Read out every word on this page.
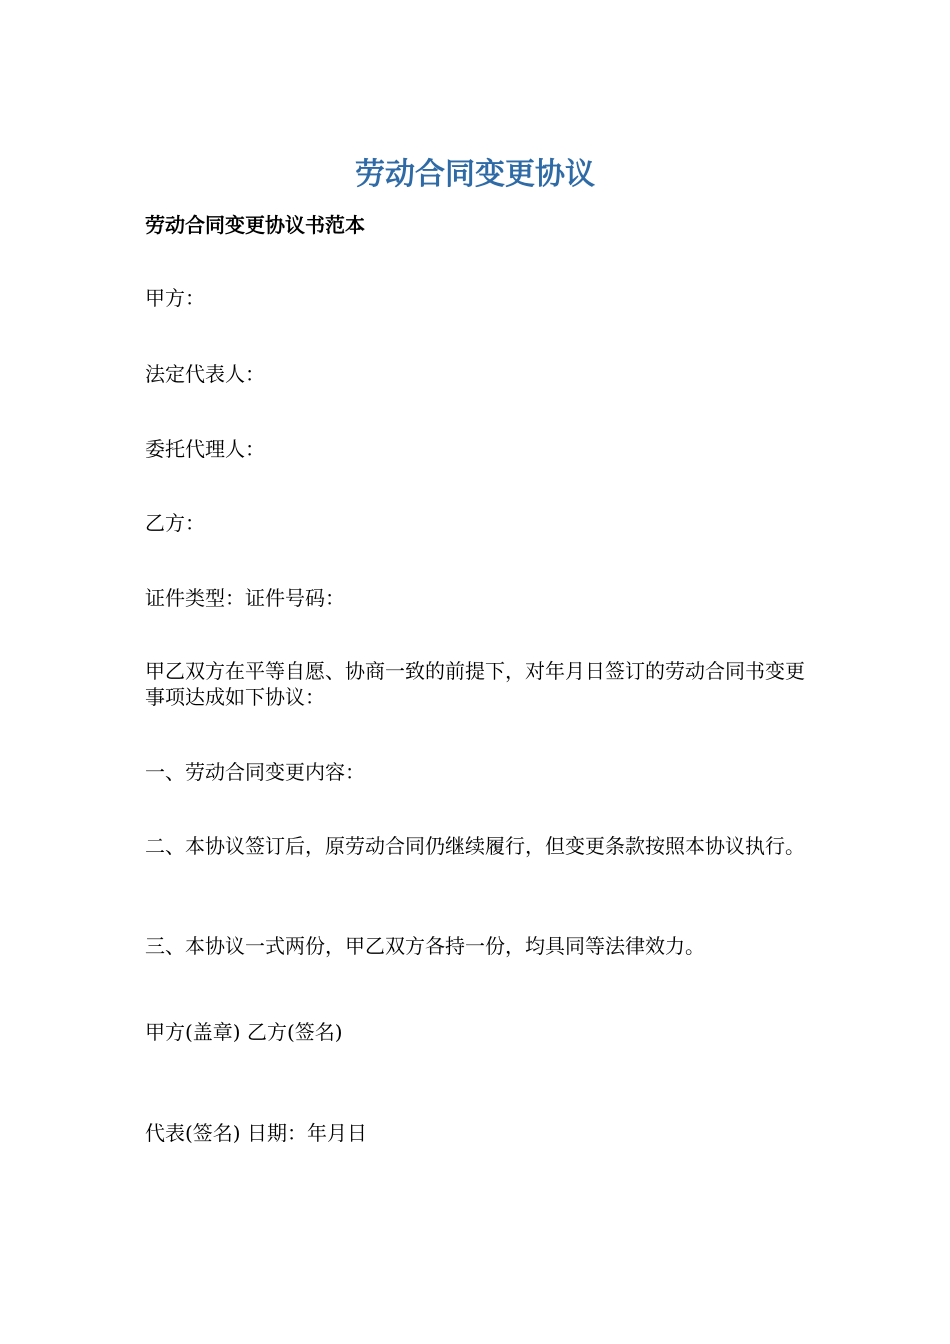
劳动合同变更协议
劳动合同变更协议书范本

甲方：

法定代表人：

委托代理人：

乙方：

证件类型：证件号码：

甲乙双方在平等自愿、协商一致的前提下，对年月日签订的劳动合同书变更事项达成如下协议：

一、劳动合同变更内容：

二、本协议签订后，原劳动合同仍继续履行，但变更条款按照本协议执行。

三、本协议一式两份，甲乙双方各持一份，均具同等法律效力。

甲方(盖章) 乙方(签名)

代表(签名) 日期：年月日
